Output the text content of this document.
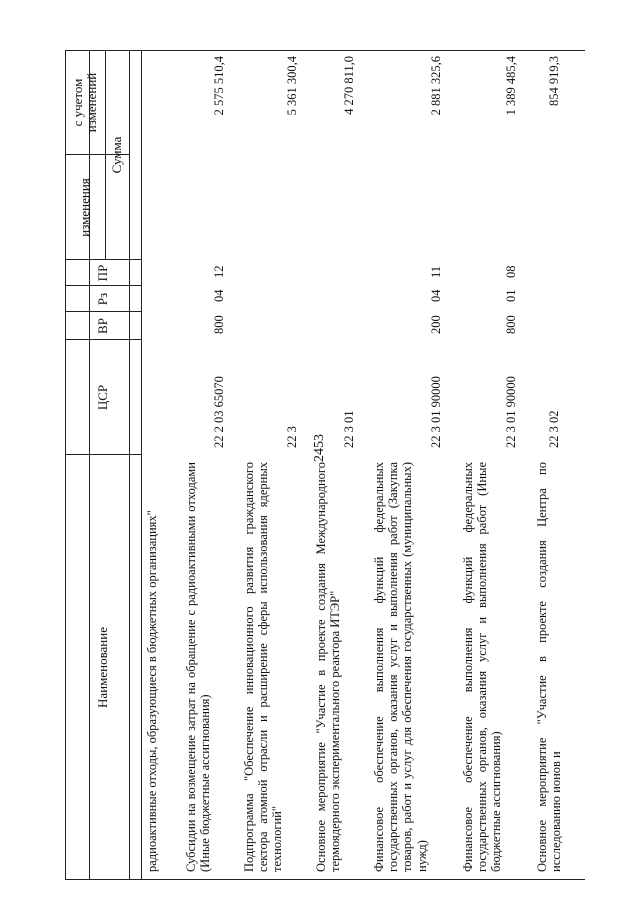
2453
Наименование
ЦСР
ВР
Рз
ПР
Сумма
изменения
с учетом изменений
радиоактивные отходы, образующиеся в бюджетных организациях" Субсидии на возмещение затрат на обращение с радиоактивными отходами (Иные бюджетные ассигнования)
22 2 03 65070
800
04
12
2 575 510,4
Подпрограмма "Обеспечение инновационного развития гражданского сектора атомной отрасли и расширение сферы использования ядерных технологий"
22 3
5 361 300,4
Основное мероприятие "Участие в проекте создания Международного термоядерного экспериментального реактора ИТЭР"
22 3 01
4 270 811,0
Финансовое обеспечение выполнения функций федеральных государственных органов, оказания услуг и выполнения работ (Закупка товаров, работ и услуг для обеспечения государственных (муниципальных) нужд)
22 3 01 90000
200
04
11
2 881 325,6
Финансовое обеспечение выполнения функций федеральных государственных органов, оказания услуг и выполнения работ (Иные бюджетные ассигнования)
22 3 01 90000
800
01
08
1 389 485,4
Основное мероприятие "Участие в проекте создания Центра по исследованию ионов и
22 3 02
854 919,3
